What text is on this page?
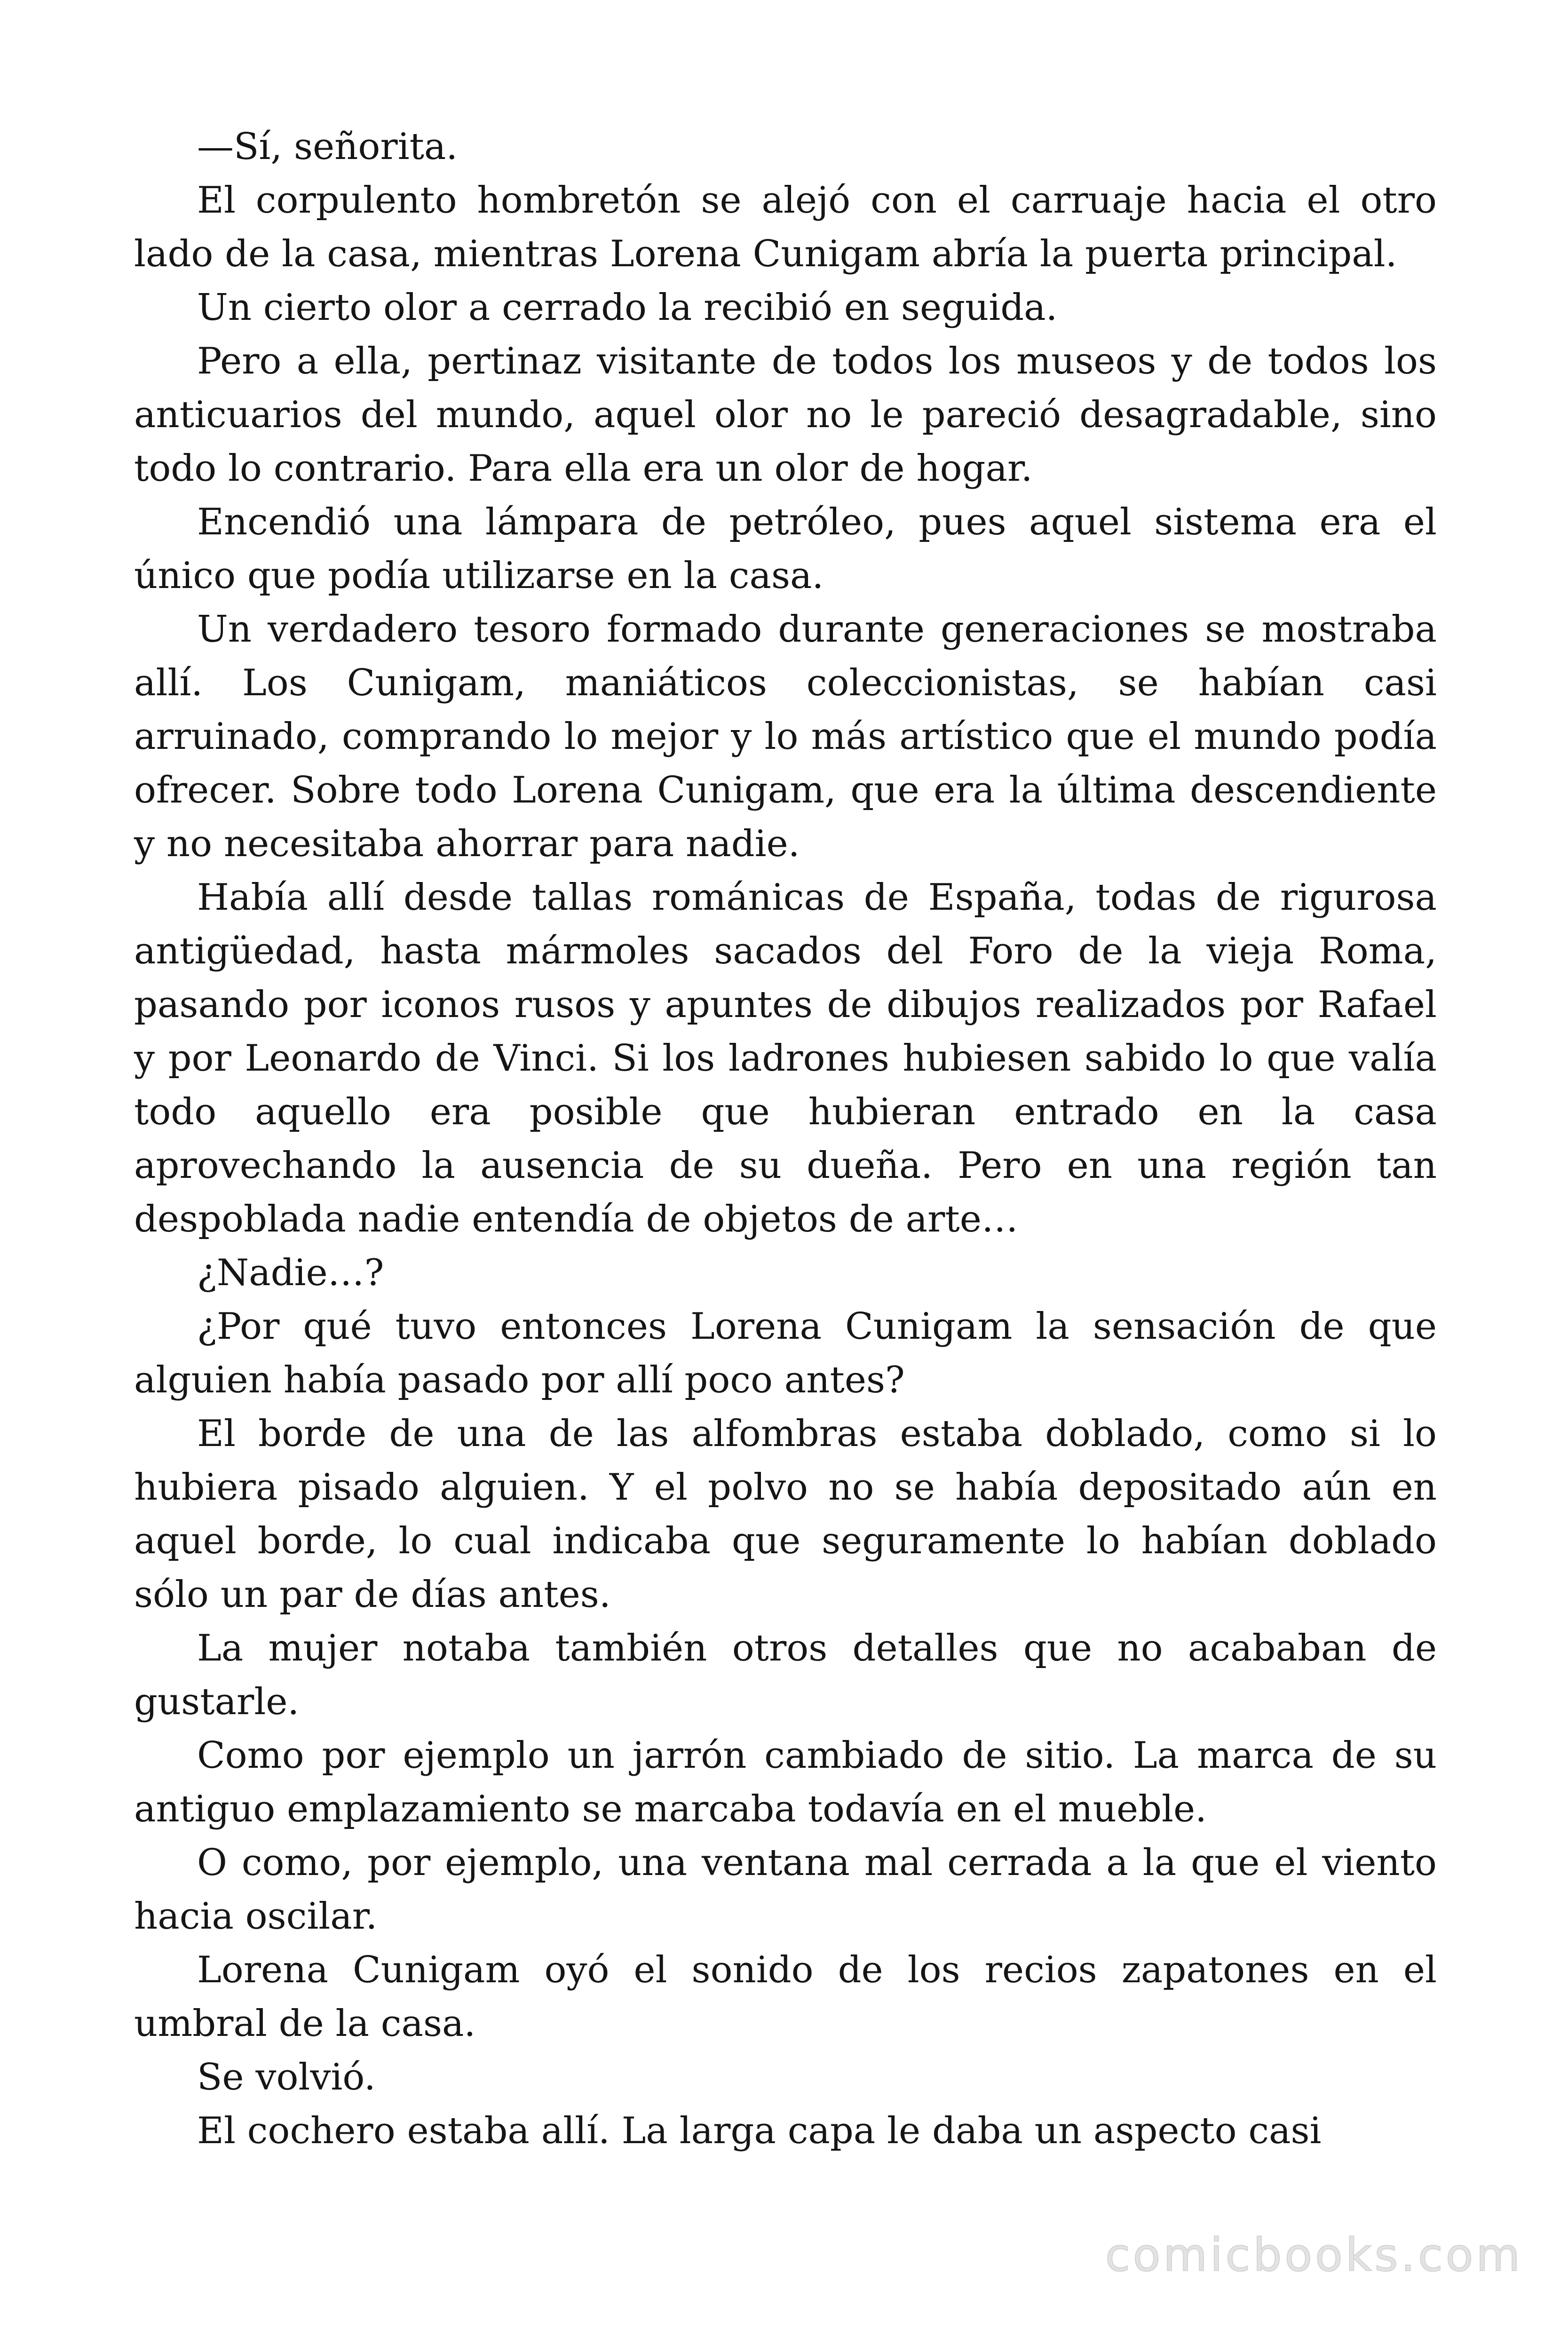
—Sí, señorita.

El corpulento hombretón se alejó con el carruaje hacia el otro lado de la casa, mientras Lorena Cunigam abría la puerta principal.

Un cierto olor a cerrado la recibió en seguida.

Pero a ella, pertinaz visitante de todos los museos y de todos los anticuarios del mundo, aquel olor no le pareció desagradable, sino todo lo contrario. Para ella era un olor de hogar.

Encendió una lámpara de petróleo, pues aquel sistema era el único que podía utilizarse en la casa.

Un verdadero tesoro formado durante generaciones se mostraba allí. Los Cunigam, maniáticos coleccionistas, se habían casi arruinado, comprando lo mejor y lo más artístico que el mundo podía ofrecer. Sobre todo Lorena Cunigam, que era la última descendiente y no necesitaba ahorrar para nadie.

Había allí desde tallas románicas de España, todas de rigurosa antigüedad, hasta mármoles sacados del Foro de la vieja Roma, pasando por iconos rusos y apuntes de dibujos realizados por Rafael y por Leonardo de Vinci. Si los ladrones hubiesen sabido lo que valía todo aquello era posible que hubieran entrado en la casa aprovechando la ausencia de su dueña. Pero en una región tan despoblada nadie entendía de objetos de arte…

¿Nadie…?

¿Por qué tuvo entonces Lorena Cunigam la sensación de que alguien había pasado por allí poco antes?

El borde de una de las alfombras estaba doblado, como si lo hubiera pisado alguien. Y el polvo no se había depositado aún en aquel borde, lo cual indicaba que seguramente lo habían doblado sólo un par de días antes.

La mujer notaba también otros detalles que no acababan de gustarle.

Como por ejemplo un jarrón cambiado de sitio. La marca de su antiguo emplazamiento se marcaba todavía en el mueble.

O como, por ejemplo, una ventana mal cerrada a la que el viento hacia oscilar.

Lorena Cunigam oyó el sonido de los recios zapatones en el umbral de la casa.

Se volvió.

El cochero estaba allí. La larga capa le daba un aspecto casi

comicbooks.com
